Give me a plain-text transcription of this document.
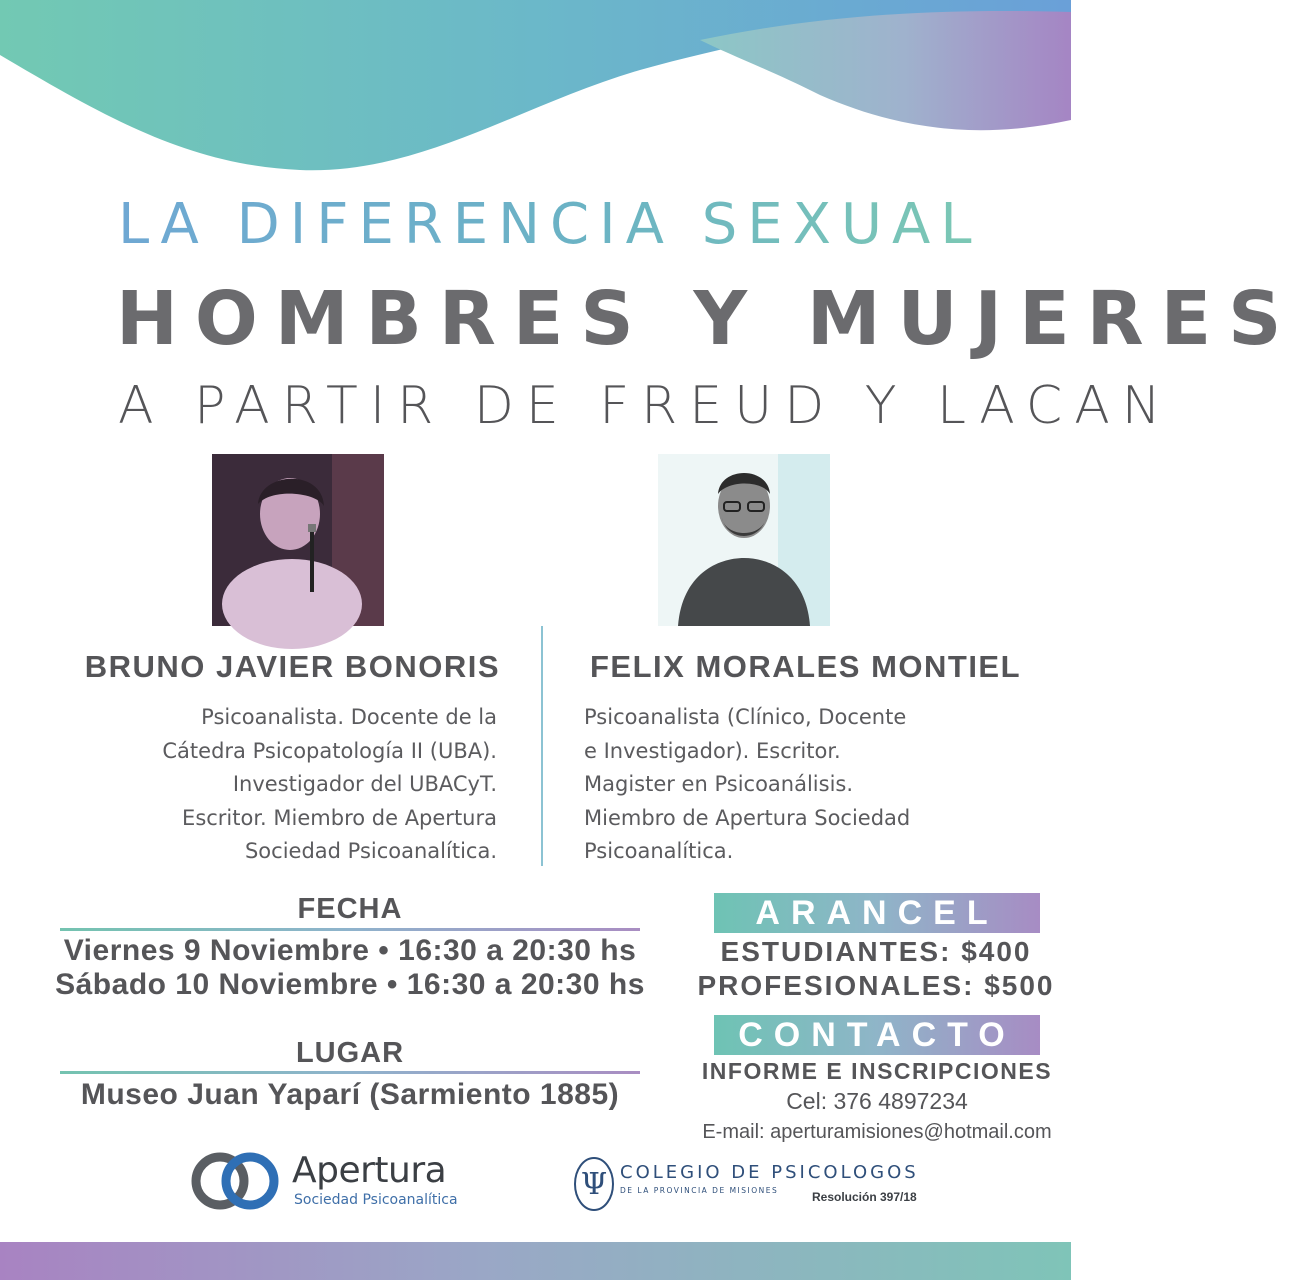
LA DIFERENCIA SEXUAL
HOMBRES Y MUJERES
A PARTIR DE FREUD Y LACAN
BRUNO JAVIER BONORIS	FELIX MORALES MONTIEL
Psicoanalista. Docente de la
Cátedra Psicopatología II (UBA).
Investigador del UBACyT.
Escritor. Miembro de Apertura
Sociedad Psicoanalítica.
Psicoanalista (Clínico, Docente
e Investigador). Escritor.
Magister en Psicoanálisis.
Miembro de Apertura Sociedad
Psicoanalítica.
FECHA
Viernes 9 Noviembre • 16:30 a 20:30 hs
Sábado 10 Noviembre • 16:30 a 20:30 hs
LUGAR
Museo Juan Yaparí (Sarmiento 1885)
ARANCEL
ESTUDIANTES: $400
PROFESIONALES: $500
CONTACTO
INFORME E INSCRIPCIONES
Cel: 376 4897234
E-mail: aperturamisiones@hotmail.com
Apertura
Sociedad Psicoanalítica	Ψ COLEGIO DE PSICOLOGOS
DE LA PROVINCIA DE MISIONES	Resolución 397/18
